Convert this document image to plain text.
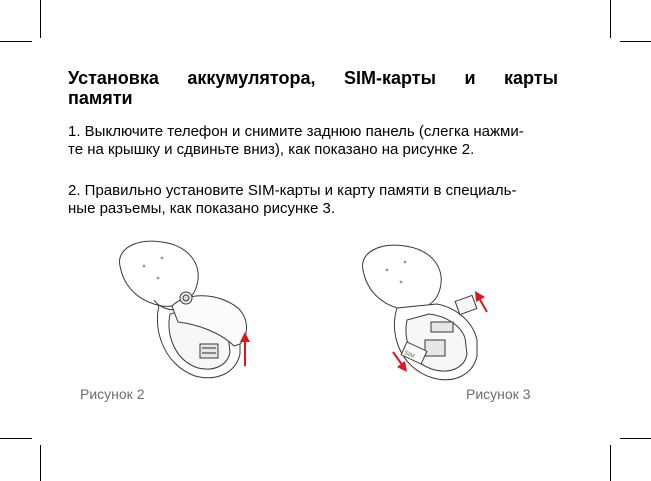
Установка аккумулятора, SIM-карты и карты
памяти
1. Выключите телефон и снимите заднюю панель (слегка нажми-
те на крышку и сдвиньте вниз), как показано на рисунке 2.
2. Правильно установите SIM-карты и карту памяти в специаль-
ные разъемы, как показано рисунке 3.
SIM
Рисунок 2	Рисунок 3
